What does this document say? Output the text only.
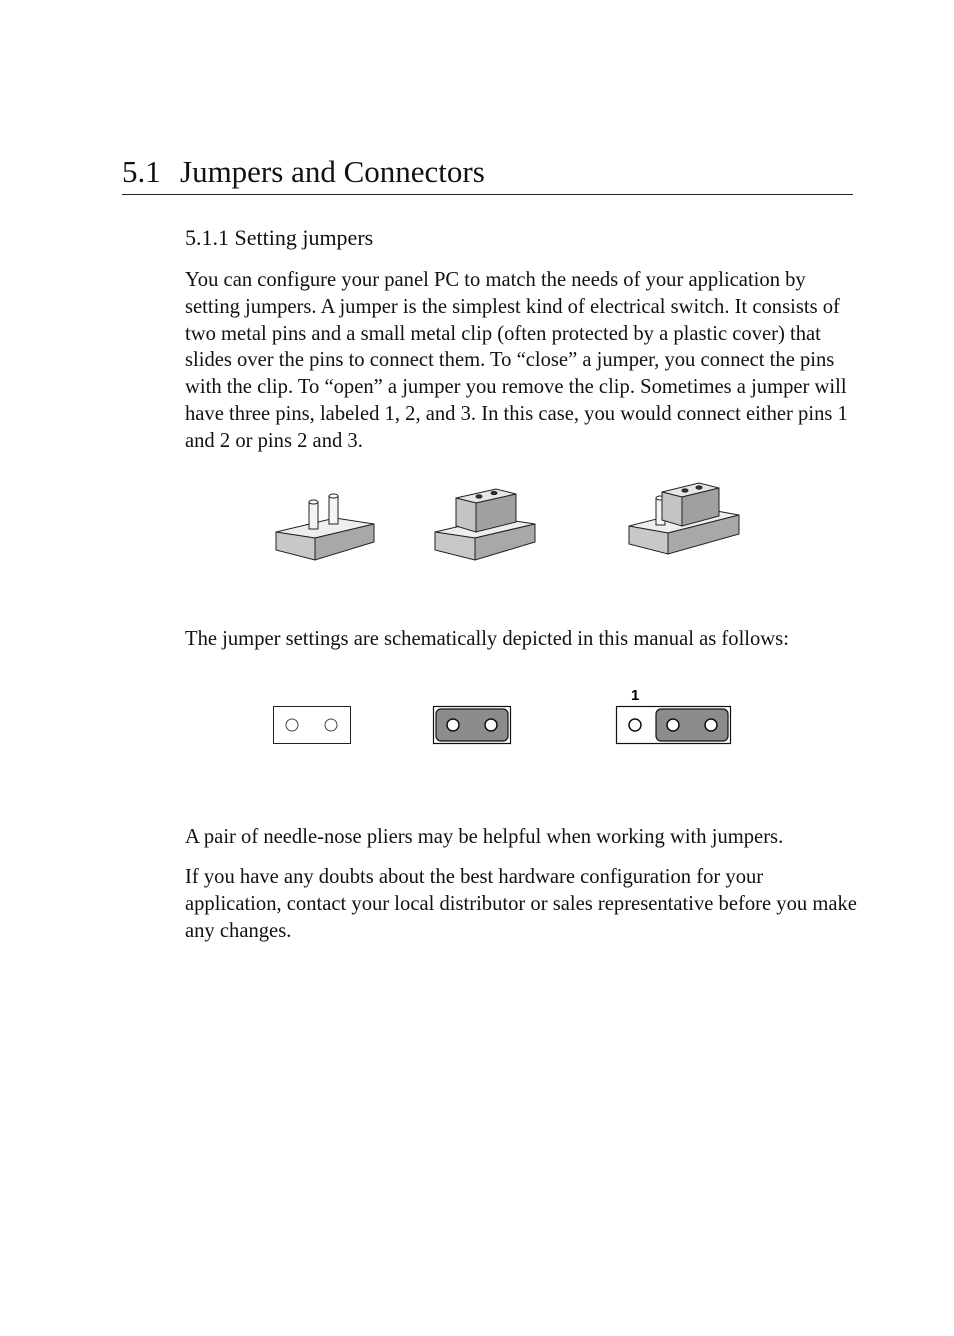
5.1 Jumpers and Connectors
5.1.1 Setting jumpers

You can configure your panel PC to match the needs of your application by setting jumpers. A jumper is the simplest kind of electrical switch. It consists of two metal pins and a small metal clip (often protected by a plastic cover) that slides over the pins to connect them. To “close” a jumper, you connect the pins with the clip. To “open” a jumper you remove the clip. Sometimes a jumper will have three pins, labeled 1, 2, and 3. In this case, you would connect either pins 1 and 2 or pins 2 and 3.

The jumper settings are schematically depicted in this manual as follows:

1

A pair of needle-nose pliers may be helpful when working with jumpers.

If you have any doubts about the best hardware configuration for your application, contact your local distributor or sales representative before you make any changes.
